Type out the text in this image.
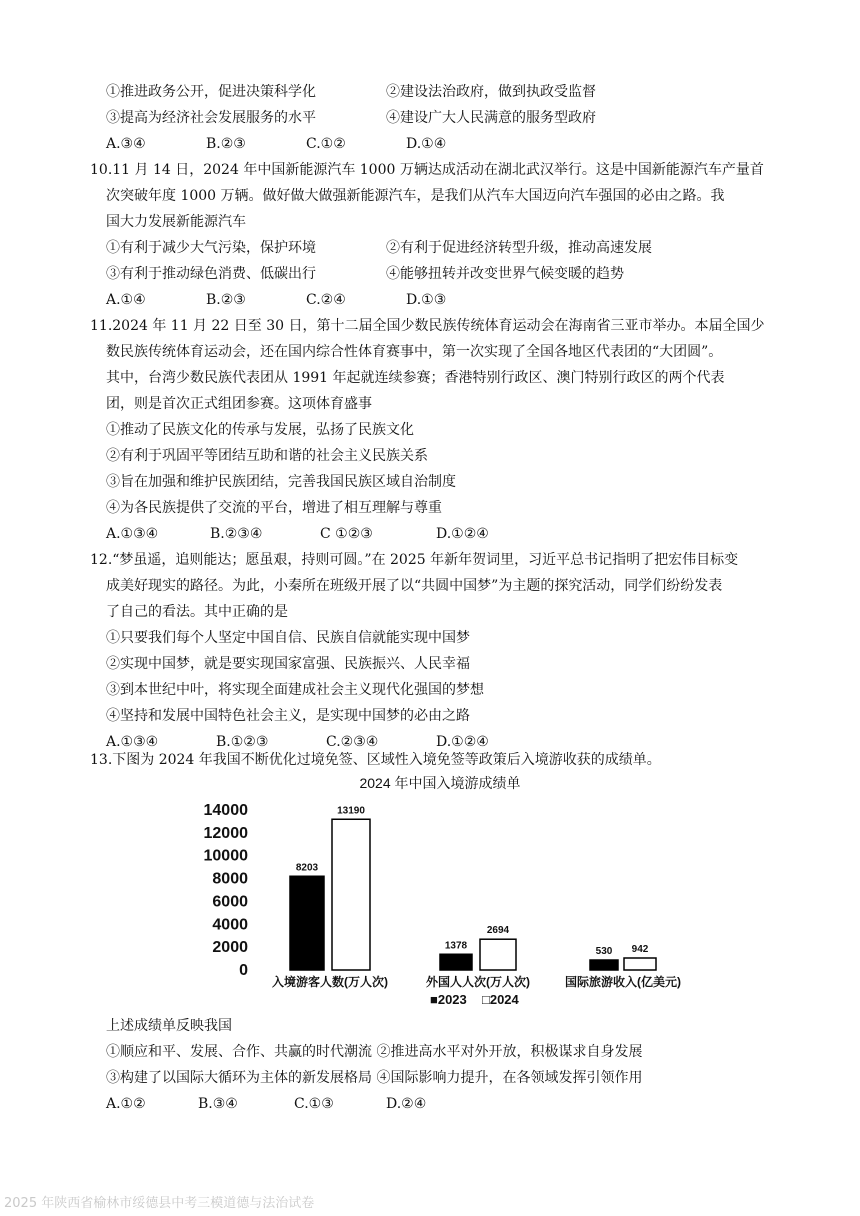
①推进政务公开，促进决策科学化	②建设法治政府，做到执政受监督
③提高为经济社会发展服务的水平	④建设广大人民满意的服务型政府
A.③④	B.②③	C.①②	D.①④
10.11 月 14 日，2024 年中国新能源汽车 1000 万辆达成活动在湖北武汉举行。这是中国新能源汽车产量首
次突破年度 1000 万辆。做好做大做强新能源汽车，是我们从汽车大国迈向汽车强国的必由之路。我
国大力发展新能源汽车
①有利于减少大气污染，保护环境	②有利于促进经济转型升级，推动高速发展
③有利于推动绿色消费、低碳出行	④能够扭转并改变世界气候变暖的趋势
A.①④	B.②③	C.②④	D.①③
11.2024 年 11 月 22 日至 30 日，第十二届全国少数民族传统体育运动会在海南省三亚市举办。本届全国少
数民族传统体育运动会，还在国内综合性体育赛事中，第一次实现了全国各地区代表团的“大团圆”。
其中，台湾少数民族代表团从 1991 年起就连续参赛；香港特别行政区、澳门特别行政区的两个代表
团，则是首次正式组团参赛。这项体育盛事
①推动了民族文化的传承与发展，弘扬了民族文化
②有利于巩固平等团结互助和谐的社会主义民族关系
③旨在加强和维护民族团结，完善我国民族区域自治制度
④为各民族提供了交流的平台，增进了相互理解与尊重
A.①③④	B.②③④	C ①②③	D.①②④
12.“梦虽遥，追则能达；愿虽艰，持则可圆。”在 2025 年新年贺词里，习近平总书记指明了把宏伟目标变
成美好现实的路径。为此，小秦所在班级开展了以“共圆中国梦”为主题的探究活动，同学们纷纷发表
了自己的看法。其中正确的是
①只要我们每个人坚定中国自信、民族自信就能实现中国梦
②实现中国梦，就是要实现国家富强、民族振兴、人民幸福
③到本世纪中叶，将实现全面建成社会主义现代化强国的梦想
④坚持和发展中国特色社会主义，是实现中国梦的必由之路
A.①③④	B.①②③	C.②③④	D.①②④
13.下图为 2024 年我国不断优化过境免签、区域性入境免签等政策后入境游收获的成绩单。
2024 年中国入境游成绩单
14000
12000
10000
8000
6000
4000
2000
0
8203
13190
入境游客人数(万人次)
1378
2694
外国人人次(万人次)
530 942
国际旅游收入(亿美元)
■2023 □2024
上述成绩单反映我国
①顺应和平、发展、合作、共赢的时代潮流 ②推进高水平对外开放，积极谋求自身发展
③构建了以国际大循环为主体的新发展格局 ④国际影响力提升，在各领域发挥引领作用
A.①②	B.③④	C.①③	D.②④
2025 年陕西省榆林市绥德县中考三模道德与法治试卷
